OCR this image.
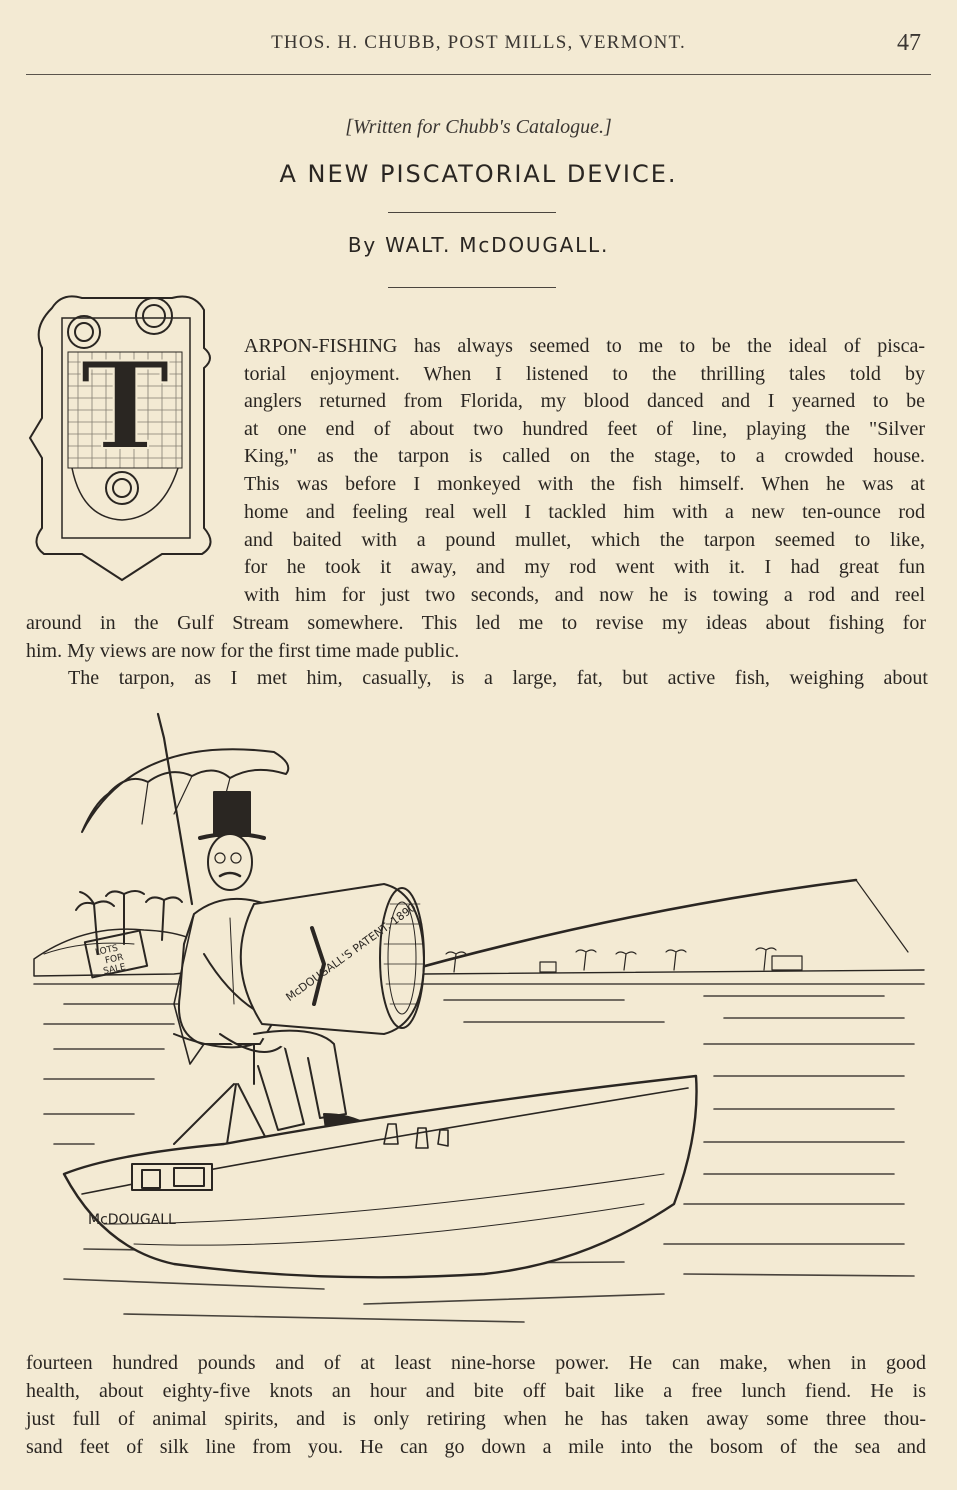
THOS. H. CHUBB, POST MILLS, VERMONT.	47
[Written for Chubb's Catalogue.]
A NEW PISCATORIAL DEVICE.
By WALT. McDOUGALL.
T	ARPON-FISHING has always seemed to me to be the ideal of pisca-
torial enjoyment. When I listened to the thrilling tales told by
anglers returned from Florida, my blood danced and I yearned to be
at one end of about two hundred feet of line, playing the "Silver
King," as the tarpon is called on the stage, to a crowded house.
This was before I monkeyed with the fish himself. When he was at
home and feeling real well I tackled him with a new ten-ounce rod
and baited with a pound mullet, which the tarpon seemed to like,
for he took it away, and my rod went with it. I had great fun
with him for just two seconds, and now he is towing a rod and reel
around in the Gulf Stream somewhere. This led me to revise my ideas about fishing for
him. My views are now for the first time made public.
The tarpon, as I met him, casually, is a large, fat, but active fish, weighing about
fourteen hundred pounds and of at least nine-horse power. He can make, when in good
health, about eighty-five knots an hour and bite off bait like a free lunch fiend. He is
just full of animal spirits, and is only retiring when he has taken away some three thou-
sand feet of silk line from you. He can go down a mile into the bosom of the sea and
LOTS
FOR
SALE	McDOUGALL'S PATENT. 1890
McDOUGALL
